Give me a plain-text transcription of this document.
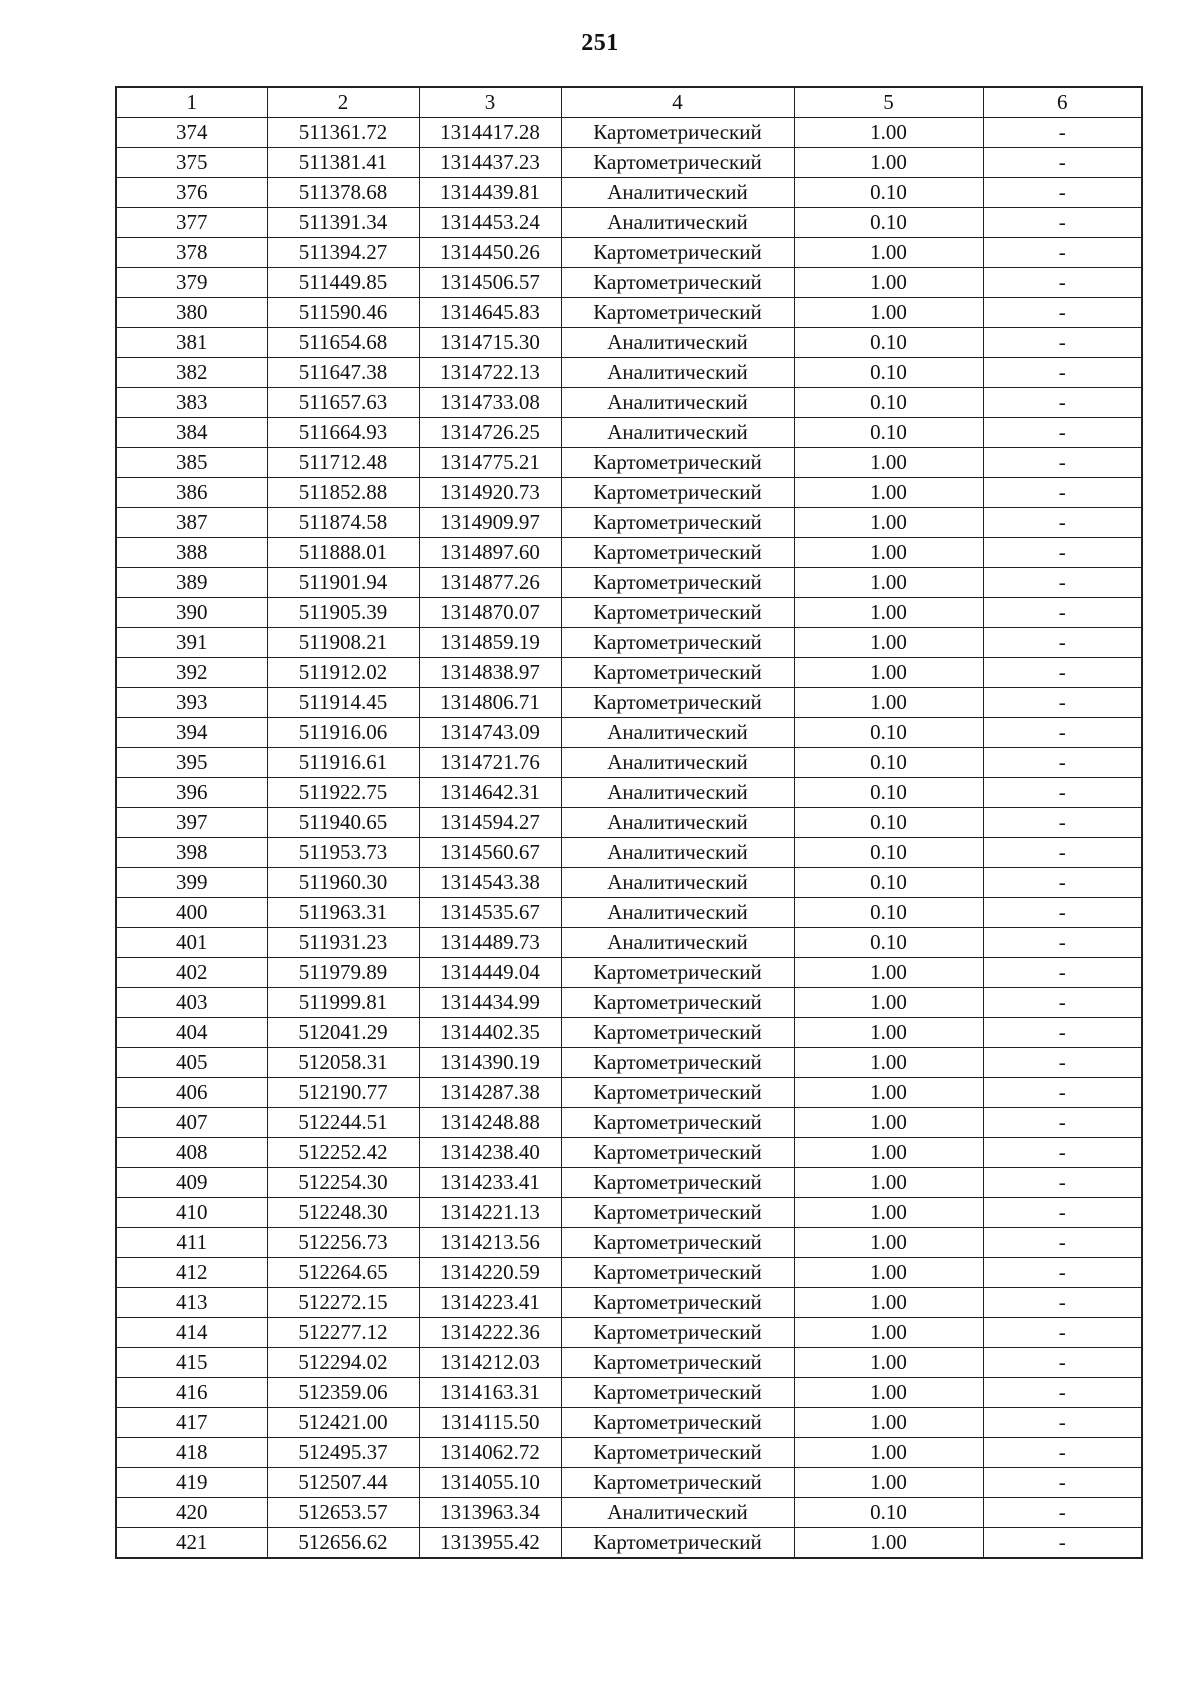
251
1	2	3	4	5	6
374	511361.72	1314417.28	Картометрический	1.00	-
375	511381.41	1314437.23	Картометрический	1.00	-
376	511378.68	1314439.81	Аналитический	0.10	-
377	511391.34	1314453.24	Аналитический	0.10	-
378	511394.27	1314450.26	Картометрический	1.00	-
379	511449.85	1314506.57	Картометрический	1.00	-
380	511590.46	1314645.83	Картометрический	1.00	-
381	511654.68	1314715.30	Аналитический	0.10	-
382	511647.38	1314722.13	Аналитический	0.10	-
383	511657.63	1314733.08	Аналитический	0.10	-
384	511664.93	1314726.25	Аналитический	0.10	-
385	511712.48	1314775.21	Картометрический	1.00	-
386	511852.88	1314920.73	Картометрический	1.00	-
387	511874.58	1314909.97	Картометрический	1.00	-
388	511888.01	1314897.60	Картометрический	1.00	-
389	511901.94	1314877.26	Картометрический	1.00	-
390	511905.39	1314870.07	Картометрический	1.00	-
391	511908.21	1314859.19	Картометрический	1.00	-
392	511912.02	1314838.97	Картометрический	1.00	-
393	511914.45	1314806.71	Картометрический	1.00	-
394	511916.06	1314743.09	Аналитический	0.10	-
395	511916.61	1314721.76	Аналитический	0.10	-
396	511922.75	1314642.31	Аналитический	0.10	-
397	511940.65	1314594.27	Аналитический	0.10	-
398	511953.73	1314560.67	Аналитический	0.10	-
399	511960.30	1314543.38	Аналитический	0.10	-
400	511963.31	1314535.67	Аналитический	0.10	-
401	511931.23	1314489.73	Аналитический	0.10	-
402	511979.89	1314449.04	Картометрический	1.00	-
403	511999.81	1314434.99	Картометрический	1.00	-
404	512041.29	1314402.35	Картометрический	1.00	-
405	512058.31	1314390.19	Картометрический	1.00	-
406	512190.77	1314287.38	Картометрический	1.00	-
407	512244.51	1314248.88	Картометрический	1.00	-
408	512252.42	1314238.40	Картометрический	1.00	-
409	512254.30	1314233.41	Картометрический	1.00	-
410	512248.30	1314221.13	Картометрический	1.00	-
411	512256.73	1314213.56	Картометрический	1.00	-
412	512264.65	1314220.59	Картометрический	1.00	-
413	512272.15	1314223.41	Картометрический	1.00	-
414	512277.12	1314222.36	Картометрический	1.00	-
415	512294.02	1314212.03	Картометрический	1.00	-
416	512359.06	1314163.31	Картометрический	1.00	-
417	512421.00	1314115.50	Картометрический	1.00	-
418	512495.37	1314062.72	Картометрический	1.00	-
419	512507.44	1314055.10	Картометрический	1.00	-
420	512653.57	1313963.34	Аналитический	0.10	-
421	512656.62	1313955.42	Картометрический	1.00	-
